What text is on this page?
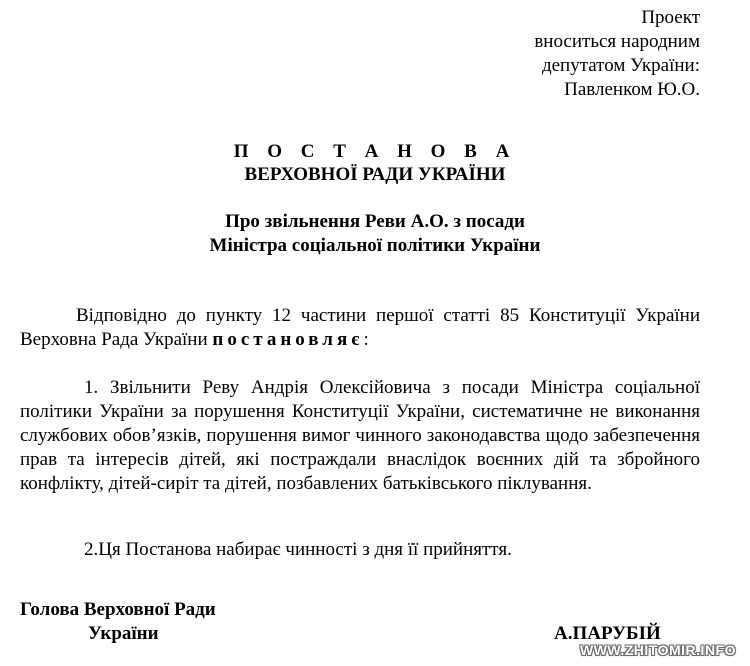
Проект
вноситься народним
депутатом України:
Павленком Ю.О.
П О С Т А Н О В А
ВЕРХОВНОЇ РАДИ УКРАЇНИ
Про звільнення Реви А.О. з посади
Міністра соціальної політики України
Відповідно до пункту 12 частини першої статті 85 Конституції України Верховна Рада України постановляє:
1. Звільнити Реву Андрія Олексійовича з посади Міністра соціальної політики України за порушення Конституції України, систематичне не виконання службових обов’язків, порушення вимог чинного законодавства щодо забезпечення прав та інтересів дітей, які постраждали внаслідок воєнних дій та збройного конфлікту, дітей-сиріт та дітей, позбавлених батьківського піклування.
2.Ця Постанова набирає чинності з дня її прийняття.
Голова Верховної Ради
України	А.ПАРУБІЙ
WWW.ZHITOMIR.INFO
